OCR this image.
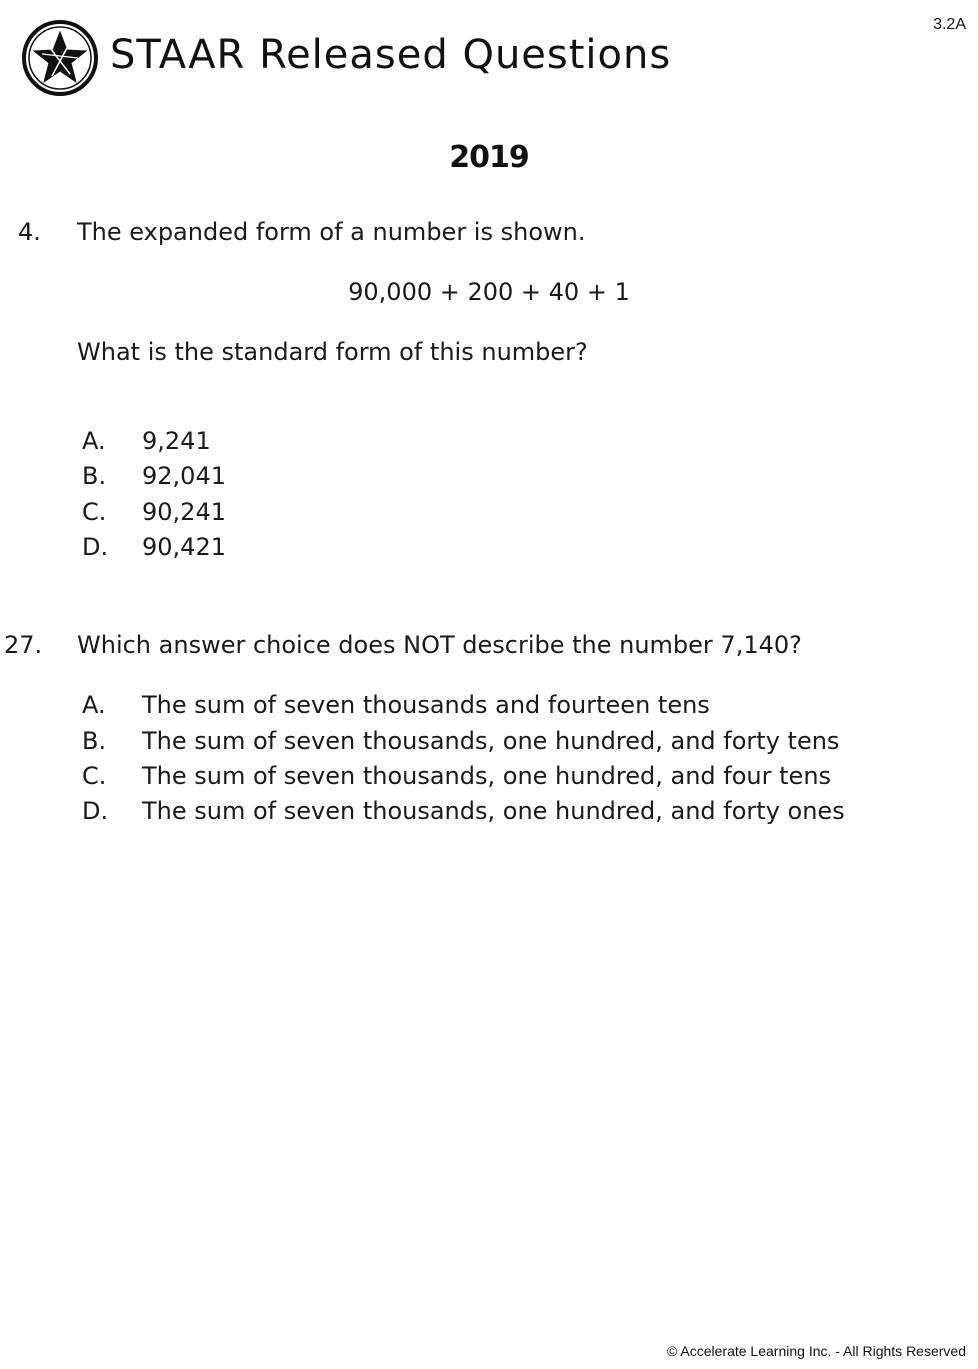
STAAR Released Questions
3.2A
2019
4. The expanded form of a number is shown.
90,000 + 200 + 40 + 1
What is the standard form of this number?
A. 9,241
B. 92,041
C. 90,241
D. 90,421
27. Which answer choice does NOT describe the number 7,140?
A. The sum of seven thousands and fourteen tens
B. The sum of seven thousands, one hundred, and forty tens
C. The sum of seven thousands, one hundred, and four tens
D. The sum of seven thousands, one hundred, and forty ones
© Accelerate Learning Inc. - All Rights Reserved
